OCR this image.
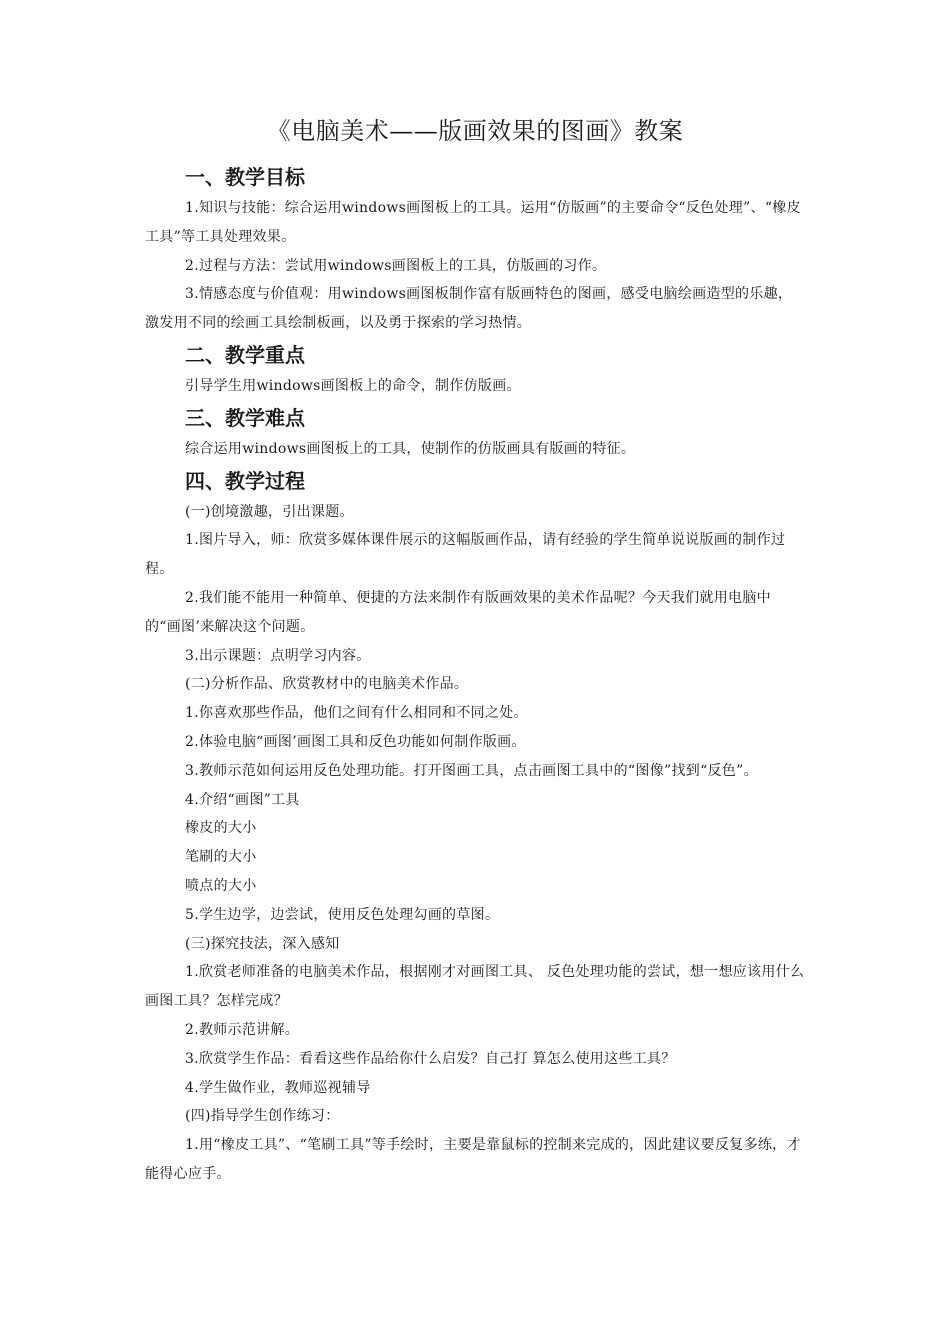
《电脑美术——版画效果的图画》教案
一、教学目标

1.知识与技能：综合运用windows画图板上的工具。运用“仿版画”的主要命令“反色处理”、“橡皮工具”等工具处理效果。

2.过程与方法：尝试用windows画图板上的工具，仿版画的习作。

3.情感态度与价值观：用windows画图板制作富有版画特色的图画，感受电脑绘画造型的乐趣，激发用不同的绘画工具绘制板画，以及勇于探索的学习热情。

二、教学重点

引导学生用windows画图板上的命令，制作仿版画。

三、教学难点

综合运用windows画图板上的工具，使制作的仿版画具有版画的特征。

四、教学过程

(一)创境激趣，引出课题。

1.图片导入，师：欣赏多媒体课件展示的这幅版画作品，请有经验的学生简单说说版画的制作过程。

2.我们能不能用一种简单、便捷的方法来制作有版画效果的美术作品呢？今天我们就用电脑中的“画图’来解决这个问题。

3.出示课题：点明学习内容。

(二)分析作品、欣赏教材中的电脑美术作品。

1.你喜欢那些作品，他们之间有什么相同和不同之处。

2.体验电脑“画图’画图工具和反色功能如何制作版画。

3.教师示范如何运用反色处理功能。打开图画工具，点击画图工具中的“图像”找到“反色”。

4.介绍“画图”工具

橡皮的大小

笔刷的大小

喷点的大小

5.学生边学，边尝试，使用反色处理勾画的草图。

(三)探究技法，深入感知

1.欣赏老师准备的电脑美术作品，根据刚才对画图工具、 反色处理功能的尝试，想一想应该用什么画图工具？怎样完成？

2.教师示范讲解。

3.欣赏学生作品：看看这些作品给你什么启发？自己打 算怎么使用这些工具？

4.学生做作业，教师巡视辅导

(四)指导学生创作练习：

1.用“橡皮工具”、“笔刷工具”等手绘时，主要是靠鼠标的控制来完成的，因此建议要反复多练，才能得心应手。
